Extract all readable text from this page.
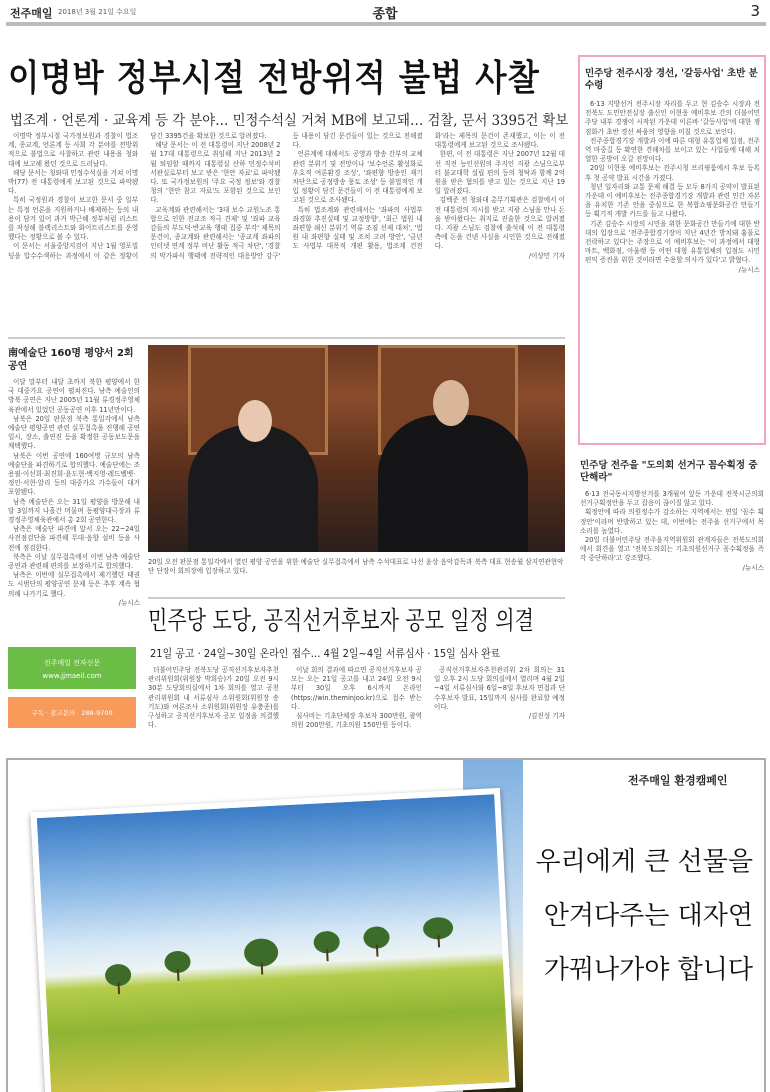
전주매일 2018년 3월 21일 수요일	종합	3
이명박 정부시절 전방위적 불법 사찰
법조계 · 언론계 · 교육계 등 각 분야… 민정수석실 거쳐 MB에 보고돼… 검찰, 문서 3395건 확보

이명박 정부시절 국가정보원과 경찰이 법조계, 종교계, 언론계 등 사회 각 분야를 전방위적으로 불법으로 사찰하고 관련 내용을 청와대에 보고해 왔던 것으로 드러났다.

해당 문서는 청와대 민정수석실을 거쳐 이명박(77) 전 대통령에게 보고된 것으로 파악됐다.

특히 국정원과 경찰이 보고한 문서 중 일부는 특정 언론을 지원하거나 배제하는 등의 내용이 담겨 있어 과거 박근혜 정부처럼 리스트를 작성해 블랙리스트와 화이트리스트를 운영했다는 정황으로 볼 수 있다.

이 문서는 서울중앙지검이 지난 1월 영포빌딩을 압수수색하는 과정에서 이 같은 정황이 담긴 3395건을 확보한 것으로 알려졌다.

해당 문서는 이 전 대통령이 지난 2008년 2월 17대 대통령으로 취임해 지난 2013년 2월 퇴임할 때까지 대통령실 산하 민정수석비서관실로부터 보고 받은 '현안 자료'로 파악됐다. 또 국가정보원의 '주요 국정 정보'와 경찰청의 '현안 참고 자료'도 포함된 것으로 보인다.

교육계와 관련해서는 '3대 보수 교원노조 통합으로 인한 전교조 적극 견제' 및 '좌파 교육감들의 부도덕·반교육 행태 집중 부각' 제목의 문건이, 종교계와 관련해서는 '종교계 좌파의 인터넷 연계 정부 비난 활동 적극 차단', '경찰의 막가파식 행태에 전략적인 대응방안 강구' 등 내용이 담긴 문건들이 있는 것으로 전해졌다.

언론계에 대해서도 공영과 방송 간부의 교체 관련 분위기 및 전망이나 '보수언론 활성화로 우호적 여론환경 조성', '좌편향 방송인 재기 차단으로 공정방송 풍토 조성' 등 불법적인 개입 정황이 담긴 문건들이 이 전 대통령에게 보고된 것으로 조사됐다.

특히 법조계와 관련해서는 '좌파의 사법부 좌경화 추진실태 및 교정방향', '최근 법원 내 좌편향 쇄신 분위기 역류 조짐 선제 대처', '법원 내 좌편향 실태 및 조치 고려 방안', '금년도 사법부 대폭적 개편 활용, 법조계 건전화'라는 제목의 문건이 존재했고, 이는 이 전 대통령에게 보고된 것으로 조사됐다.

한편, 이 전 대통령은 지난 2007년 12월 대선 직전 능인선원의 주지인 지광 스님으로부터 불교대학 설립 편의 등의 청탁과 함께 2억원을 받은 혐의를 받고 있는 것으로 지난 19일 알려졌다.

김백준 전 청와대 총무기획관은 검찰에서 이 전 대통령의 지시를 받고 지광 스님을 만나 돈을 받아왔다는 취지로 진술한 것으로 알려졌다. 지광 스님도 검찰에 출석해 이 전 대통령 측에 돈을 건넨 사실을 시인한 것으로 전해졌다.

/이상민 기자
南예술단 160명 평양서 2회 공연

이달 말부터 내달 초까지 북한 평양에서 한국 대중가요 공연이 펼쳐진다. 남측 예술인의 방북 공연은 지난 2005년 11월 류경정주영체육관에서 있었던 공동공연 이후 11년만이다.

남북은 20일 판문점 북측 통일각에서 남측 예술단 평양공연 관련 실무접촉을 진행해 공연 일시, 장소, 출연진 등을 확정한 공동보도문을 채택했다.

남북은 이번 공연에 160여명 규모의 남측 예술단을 파견하기로 합의했다. 예술단에는 조용필·이선희·최진희·윤도현·백지영·레드벨벳·정인·서현·알리 등의 대중가요 가수들이 대거 포함됐다.

남측 예술단은 오는 31일 평양을 방문해 내달 3일까지 나흘간 머물며 동평양대극장과 류경정주영체육관에서 총 2회 공연한다.

남측은 예술단 파견에 앞서 오는 22~24일 사전점검단을 파견해 무대·음향 설비 등을 사전에 점검한다.

북측은 이날 실무접촉에서 이번 남측 예술단 공연과 관련해 편의를 보장하기로 합의했다.

남측은 이번에 실무접촉에서 제기했던 태권도 시범단의 평양공연 문제 등은 추후 계속 협의해 나가기로 했다.

/뉴시스
20일 오전 판문점 통일각에서 열린 평양 공연을 위한 예술단 실무접촉에서 남측 수석대표로 나선 윤상 음악감독과 북측 대표 현송월 삼지연관현악단 단장이 회의장에 입장하고 있다.
민주당 도당, 공직선거후보자 공모 일정 의결
21일 공고 · 24일~30일 온라인 접수… 4월 2일~4일 서류심사 · 15일 심사 완료

더불어민주당 전북도당 공직선거후보자추천관리위원회(위원장 박희승)가 20일 오전 9시 30분 도당회의실에서 1차 회의를 열고 공천관리위원회 내 서류심사 소위원회(위원장 송기도)와 여론조사 소위원회(위원장 유충종)를 구성하고 공직선거후보자 공모 일정을 의결했다.

이날 회의 결과에 따르면 공직선거후보자 공모는 오는 21일 공고를 내고 24일 오전 9시부터 30일 오후 6시까지 온라인(https://win.theminjoo.kr)으로 접수 받는다.

심사비는 기초단체장 후보자 300만원, 광역의원 200만원, 기초의원 150만원 등이다.

공직선거후보자추천관리위 2차 회의는 31일 오후 2시 도당 회의실에서 열리며 4월 2일~4일 서류심사와 6일~8일 후보자 면접과 단수후보자 발표, 15일까지 심사를 완료할 예정이다.

/김진성 기자
전주매일 전자신문
www.jjmaeil.com
구독 · 광고문의 288-9700
민주당 전주시장 경선, '갈등사업' 초반 분수령

6·13 지방선거 전주시장 자리를 두고 현 김승수 시장과 전 전북도 도민안전실장 출신인 이현웅 예비후보 간의 더불어민주당 내부 경쟁이 시작된 가운데 이른바 '갈등사업'에 대한 쟁점화가 초반 경선 싸움의 영향을 미칠 것으로 보인다.

전주종합경기장 개발과 이에 따른 대형 유통업체 입점, 전주역 마중길 등 확연한 견해차를 보이고 있는 사업들에 대해 치열한 공방이 오갈 전망이다.

20일 이현웅 예비후보는 전주시청 브리핑룸에서 후보 등록 후 첫 공약 발표 시간을 가졌다.

청년 일자리와 교통 문제 해결 등 모두 8가지 공약이 발표된 가운데 이 예비후보는 전주종합경기장 개발과 관련 민간 자본을 유치한 기존 안을 중심으로 한 복합쇼핑문화공간 만들기 등 획기적 개발 카드를 들고 나왔다.

기존 김승수 시장의 시민을 위한 문화공간 만들기에 대한 반대의 입장으로 '전주종합경기장이 지난 4년간 방치돼 흉물로 전락하고 있다'는 주장으로 이 예비후보는 '이 과정에서 대형마트, 백화점, 아울렛 등 어떤 대형 유통업체의 입점도 시민 편익 증진을 위한 것이라면 수용할 의사가 있다'고 밝혔다.

/뉴시스
민주당 전주을 "도의회 선거구 꼼수획정 중단해라"

6·13 전국동시지방선거를 3개월여 앞둔 가운데 전북시군의회 선거구획정안을 두고 잡음이 끊이질 않고 있다.

획정안에 따라 의원정수가 감소하는 지역에서는 연일 '꼼수 획정안'이라며 반발하고 있는 데, 이번에는 전주을 선거구에서 목소리를 높였다.

20일 더불어민주당 전주을지역위원회 관계자들은 전북도의회에서 회견을 열고 '전북도의회는 기초의원선거구 꼼수획정을 즉각 중단하라'고 강조했다.

/뉴시스
전주매일 환경캠페인
우리에게 큰 선물을
안겨다주는 대자연
가꿔나가야 합니다
